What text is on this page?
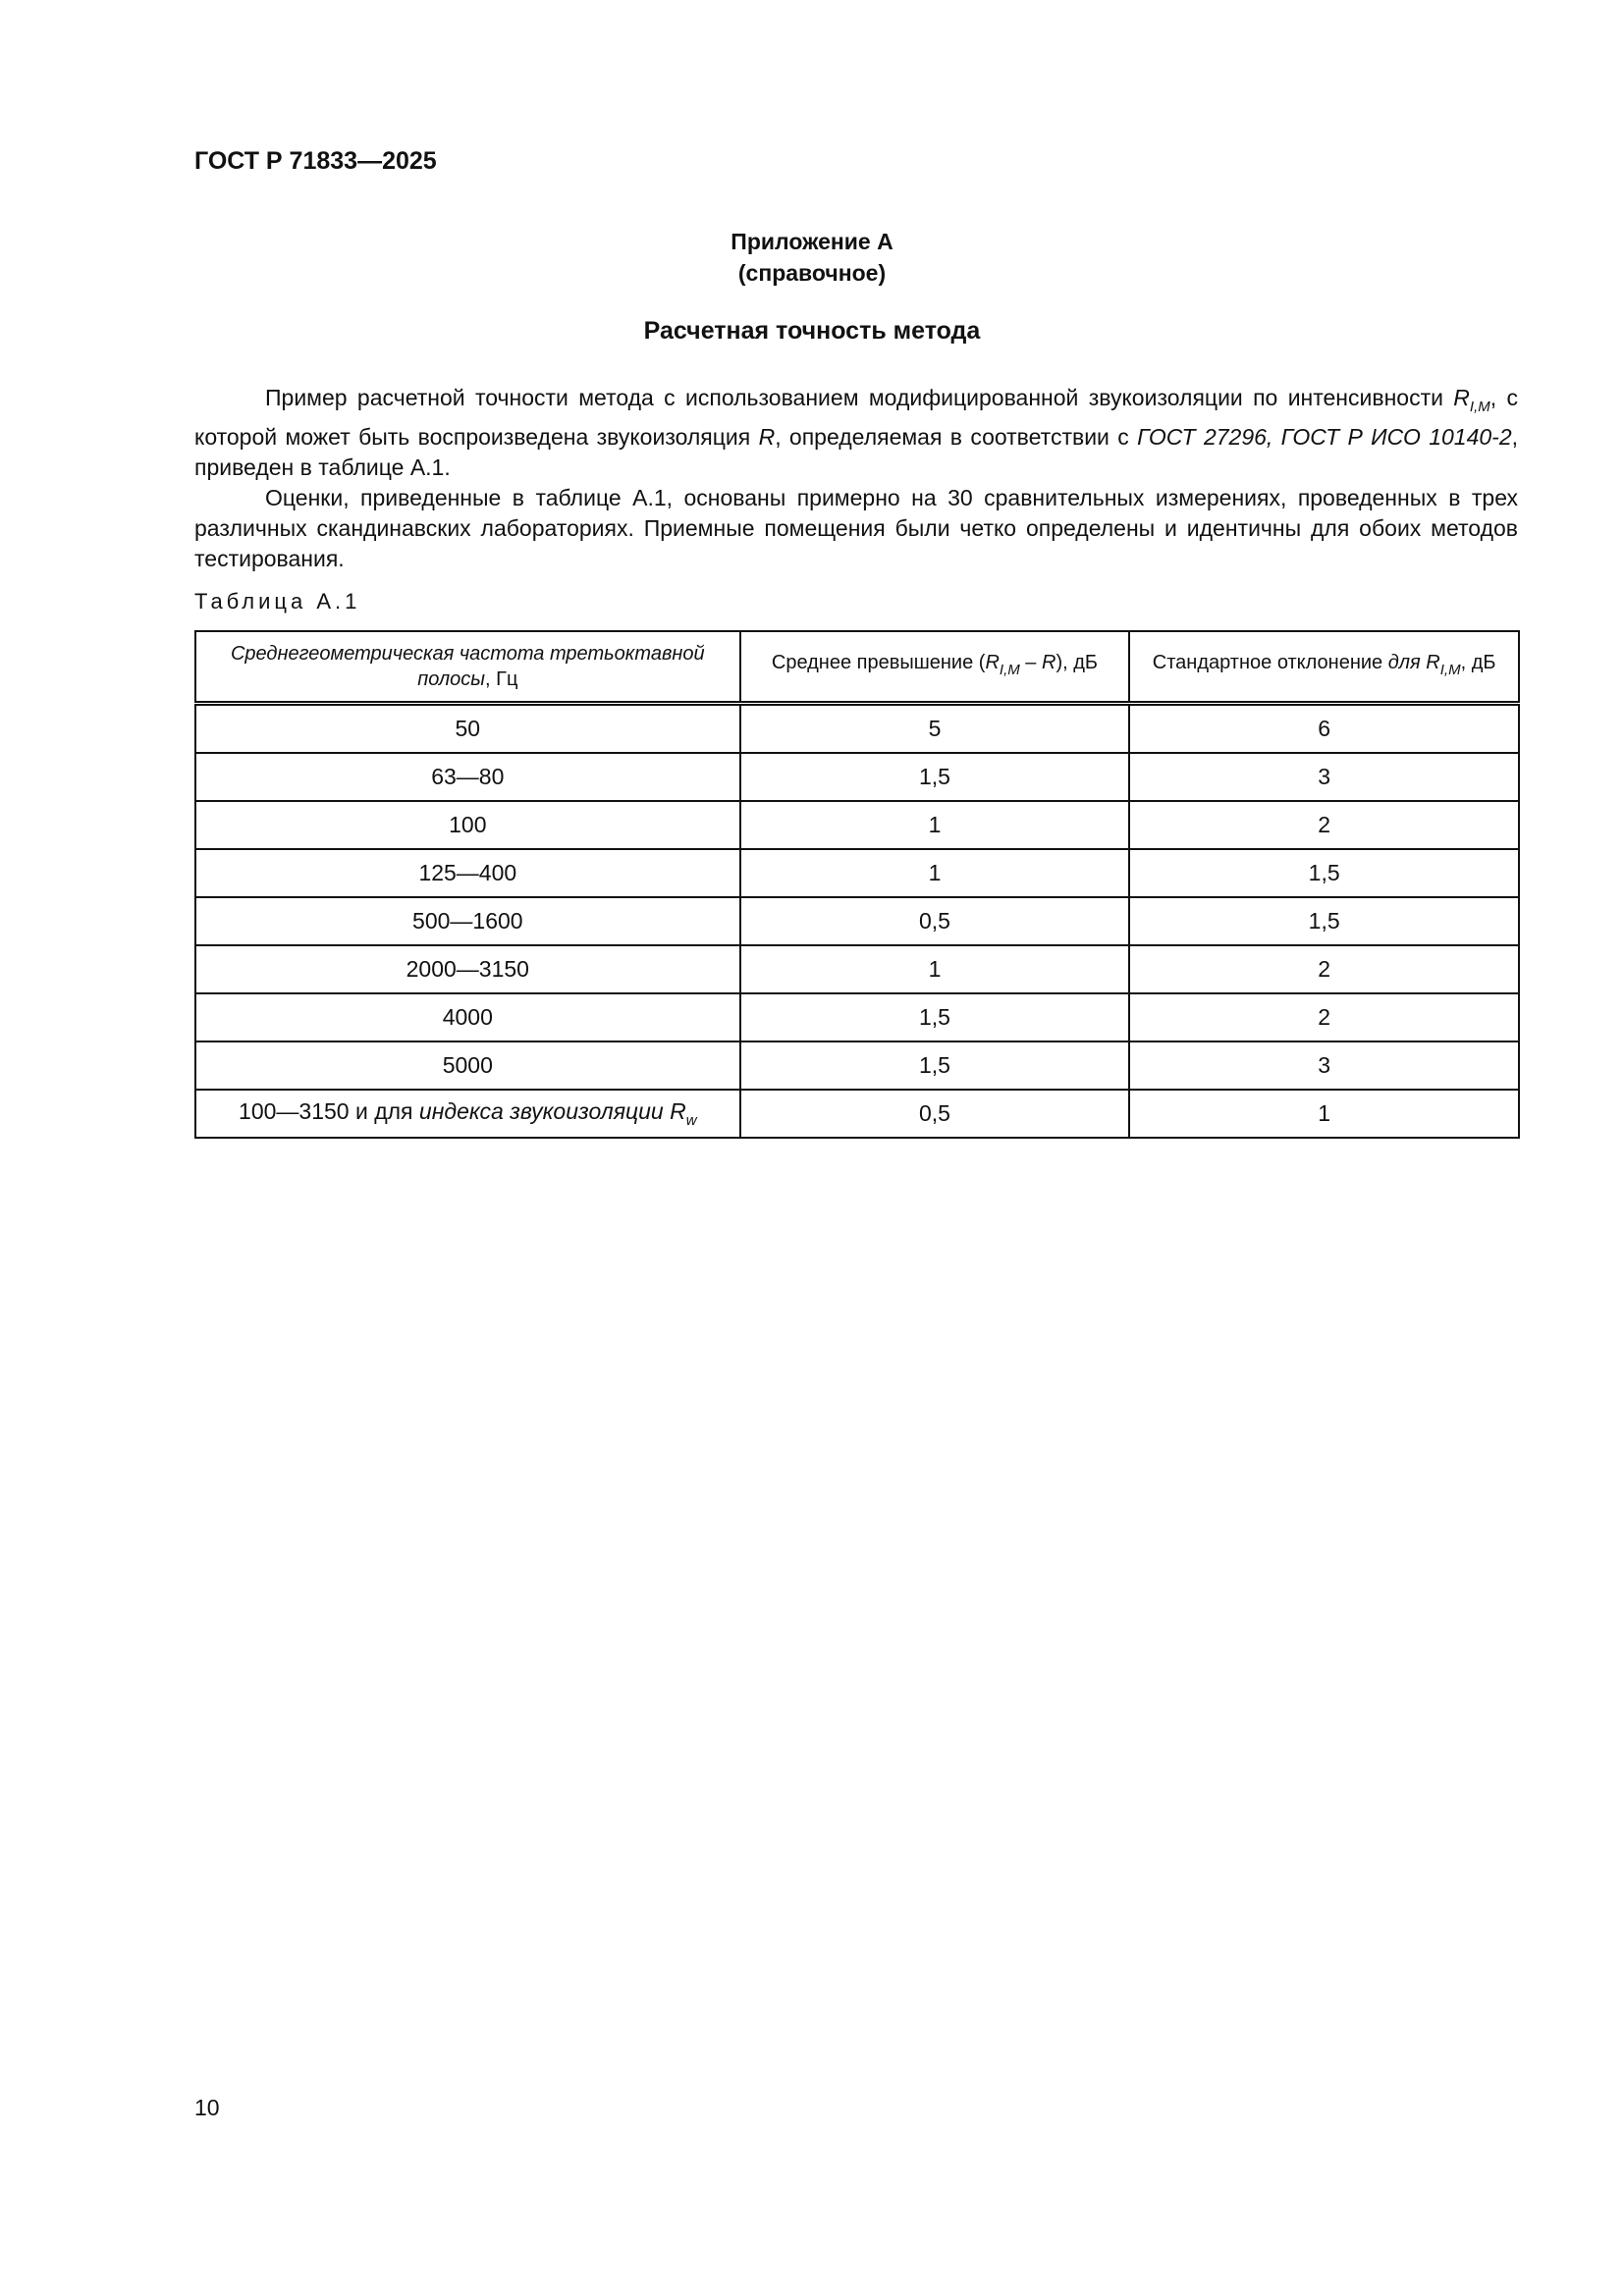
ГОСТ Р 71833—2025
Приложение А
(справочное)
Расчетная точность метода

Пример расчетной точности метода с использованием модифицированной звукоизоляции по интенсивности $R_{I,M}$, с которой может быть воспроизведена звукоизоляция R, определяемая в соответствии с ГОСТ 27296, ГОСТ Р ИСО 10140-2, приведен в таблице А.1.

Оценки, приведенные в таблице А.1, основаны примерно на 30 сравнительных измерениях, проведенных в трех различных скандинавских лабораториях. Приемные помещения были четко определены и идентичны для обоих методов тестирования.

Таблица А.1
Среднегеометрическая частота третьоктавной полосы, Гц	Среднее превышение $(R_{I,M} - R)$, дБ	Стандартное отклонение для $R_{I,M}$, дБ
50	5	6
63—80	1,5	3
100	1	2
125—400	1	1,5
500—1600	0,5	1,5
2000—3150	1	2
4000	1,5	2
5000	1,5	3
100—3150 и для индекса звукоизоляции $R_w$	0,5	1
10
